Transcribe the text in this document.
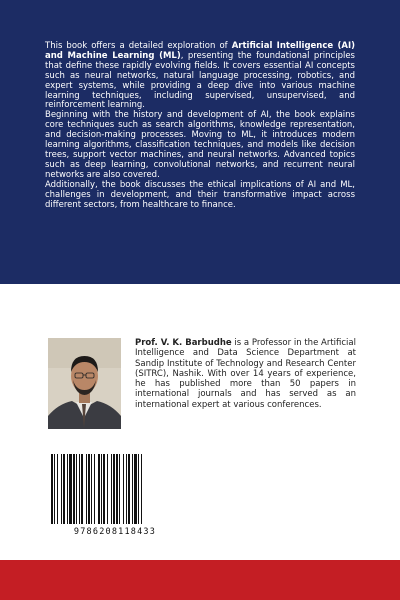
This book offers a detailed exploration of Artificial Intelligence (AI) and Machine Learning (ML), presenting the foundational principles that define these rapidly evolving fields. It covers essential AI concepts such as neural networks, natural language processing, robotics, and expert systems, while providing a deep dive into various machine learning techniques, including supervised, unsupervised, and reinforcement learning.

Beginning with the history and development of AI, the book explains core techniques such as search algorithms, knowledge representation, and decision-making processes. Moving to ML, it introduces modern learning algorithms, classification techniques, and models like decision trees, support vector machines, and neural networks. Advanced topics such as deep learning, convolutional networks, and recurrent neural networks are also covered.

Additionally, the book discusses the ethical implications of AI and ML, challenges in development, and their transformative impact across different sectors, from healthcare to finance.

Prof. V. K. Barbudhe is a Professor in the Artificial Intelligence and Data Science Department at Sandip Institute of Technology and Research Center (SITRC), Nashik. With over 14 years of experience, he has published more than 50 papers in international journals and has served as an international expert at various conferences.

9786208118433
